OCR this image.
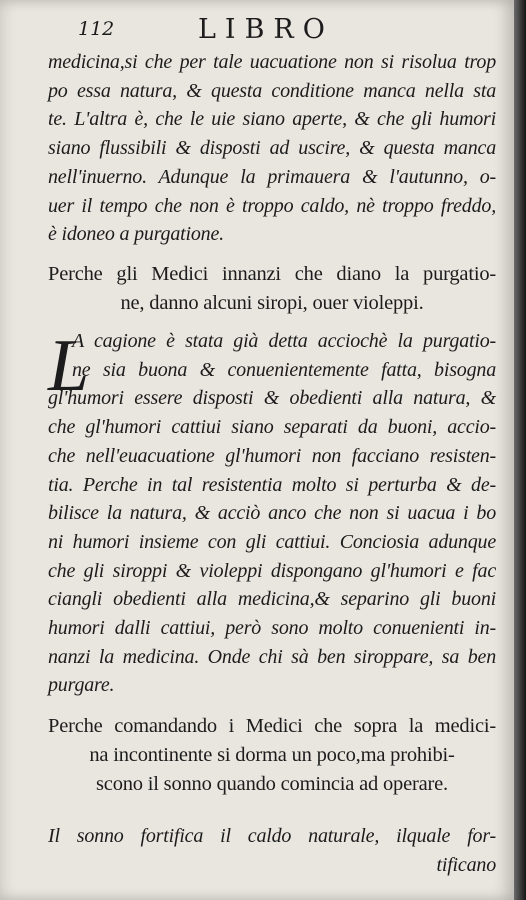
112	LIBRO
medicina,si che per tale uacuatione non si risolua trop
po essa natura, & questa conditione manca nella sta
te. L'altra è, che le uie siano aperte, & che gli humori
siano flussibili & disposti ad uscire, & questa manca
nell'inuerno. Adunque la primauera & l'autunno, o-
uer il tempo che non è troppo caldo, nè troppo freddo,
è idoneo a purgatione.
Perche gli Medici innanzi che diano la purgatio-
ne, danno alcuni siropi, ouer violeppi.
L
A cagione è stata già detta acciochè la purgatio-
ne sia buona & conuenientemente fatta, bisogna
gl'humori essere disposti & obedienti alla natura, &
che gl'humori cattiui siano separati da buoni, accio-
che nell'euacuatione gl'humori non facciano resisten-
tia. Perche in tal resistentia molto si perturba & de-
bilisce la natura, & acciò anco che non si uacua i bo
ni humori insieme con gli cattiui. Conciosia adunque
che gli siroppi & violeppi dispongano gl'humori e fac
ciangli obedienti alla medicina,& separino gli buoni
humori dalli cattiui, però sono molto conuenienti in-
nanzi la medicina. Onde chi sà ben siroppare, sa ben
purgare.
Perche comandando i Medici che sopra la medici-
na incontinente si dorma un poco,ma prohibi-
scono il sonno quando comincia ad operare.
Il sonno fortifica il caldo naturale, ilquale for-
tificano
